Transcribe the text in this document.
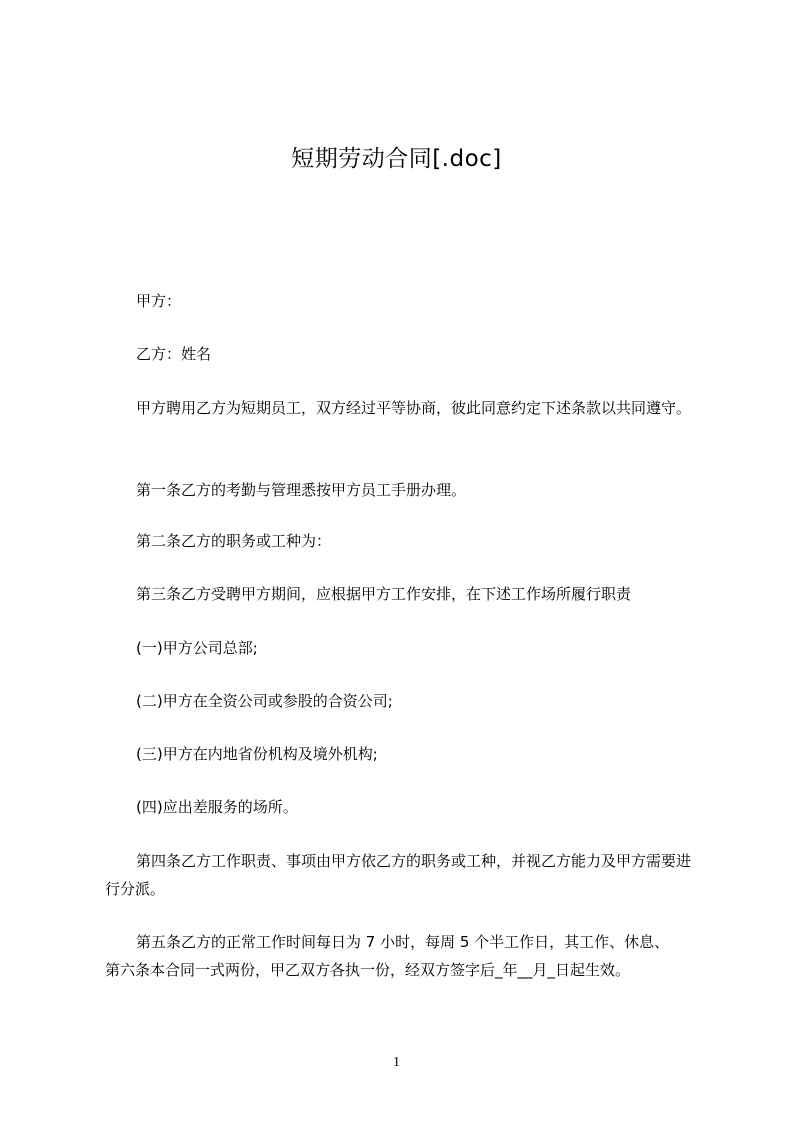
短期劳动合同[.doc]
甲方：
乙方：姓名
甲方聘用乙方为短期员工，双方经过平等协商，彼此同意约定下述条款以共同遵守。
第一条乙方的考勤与管理悉按甲方员工手册办理。
第二条乙方的职务或工种为：
第三条乙方受聘甲方期间，应根据甲方工作安排，在下述工作场所履行职责
(一)甲方公司总部;
(二)甲方在全资公司或参股的合资公司;
(三)甲方在内地省份机构及境外机构;
(四)应出差服务的场所。
第四条乙方工作职责、事项由甲方依乙方的职务或工种，并视乙方能力及甲方需要进行分派。
第五条乙方的正常工作时间每日为 7 小时，每周 5 个半工作日，其工作、休息、
第六条本合同一式两份，甲乙双方各执一份，经双方签字后_年__月_日起生效。
1
